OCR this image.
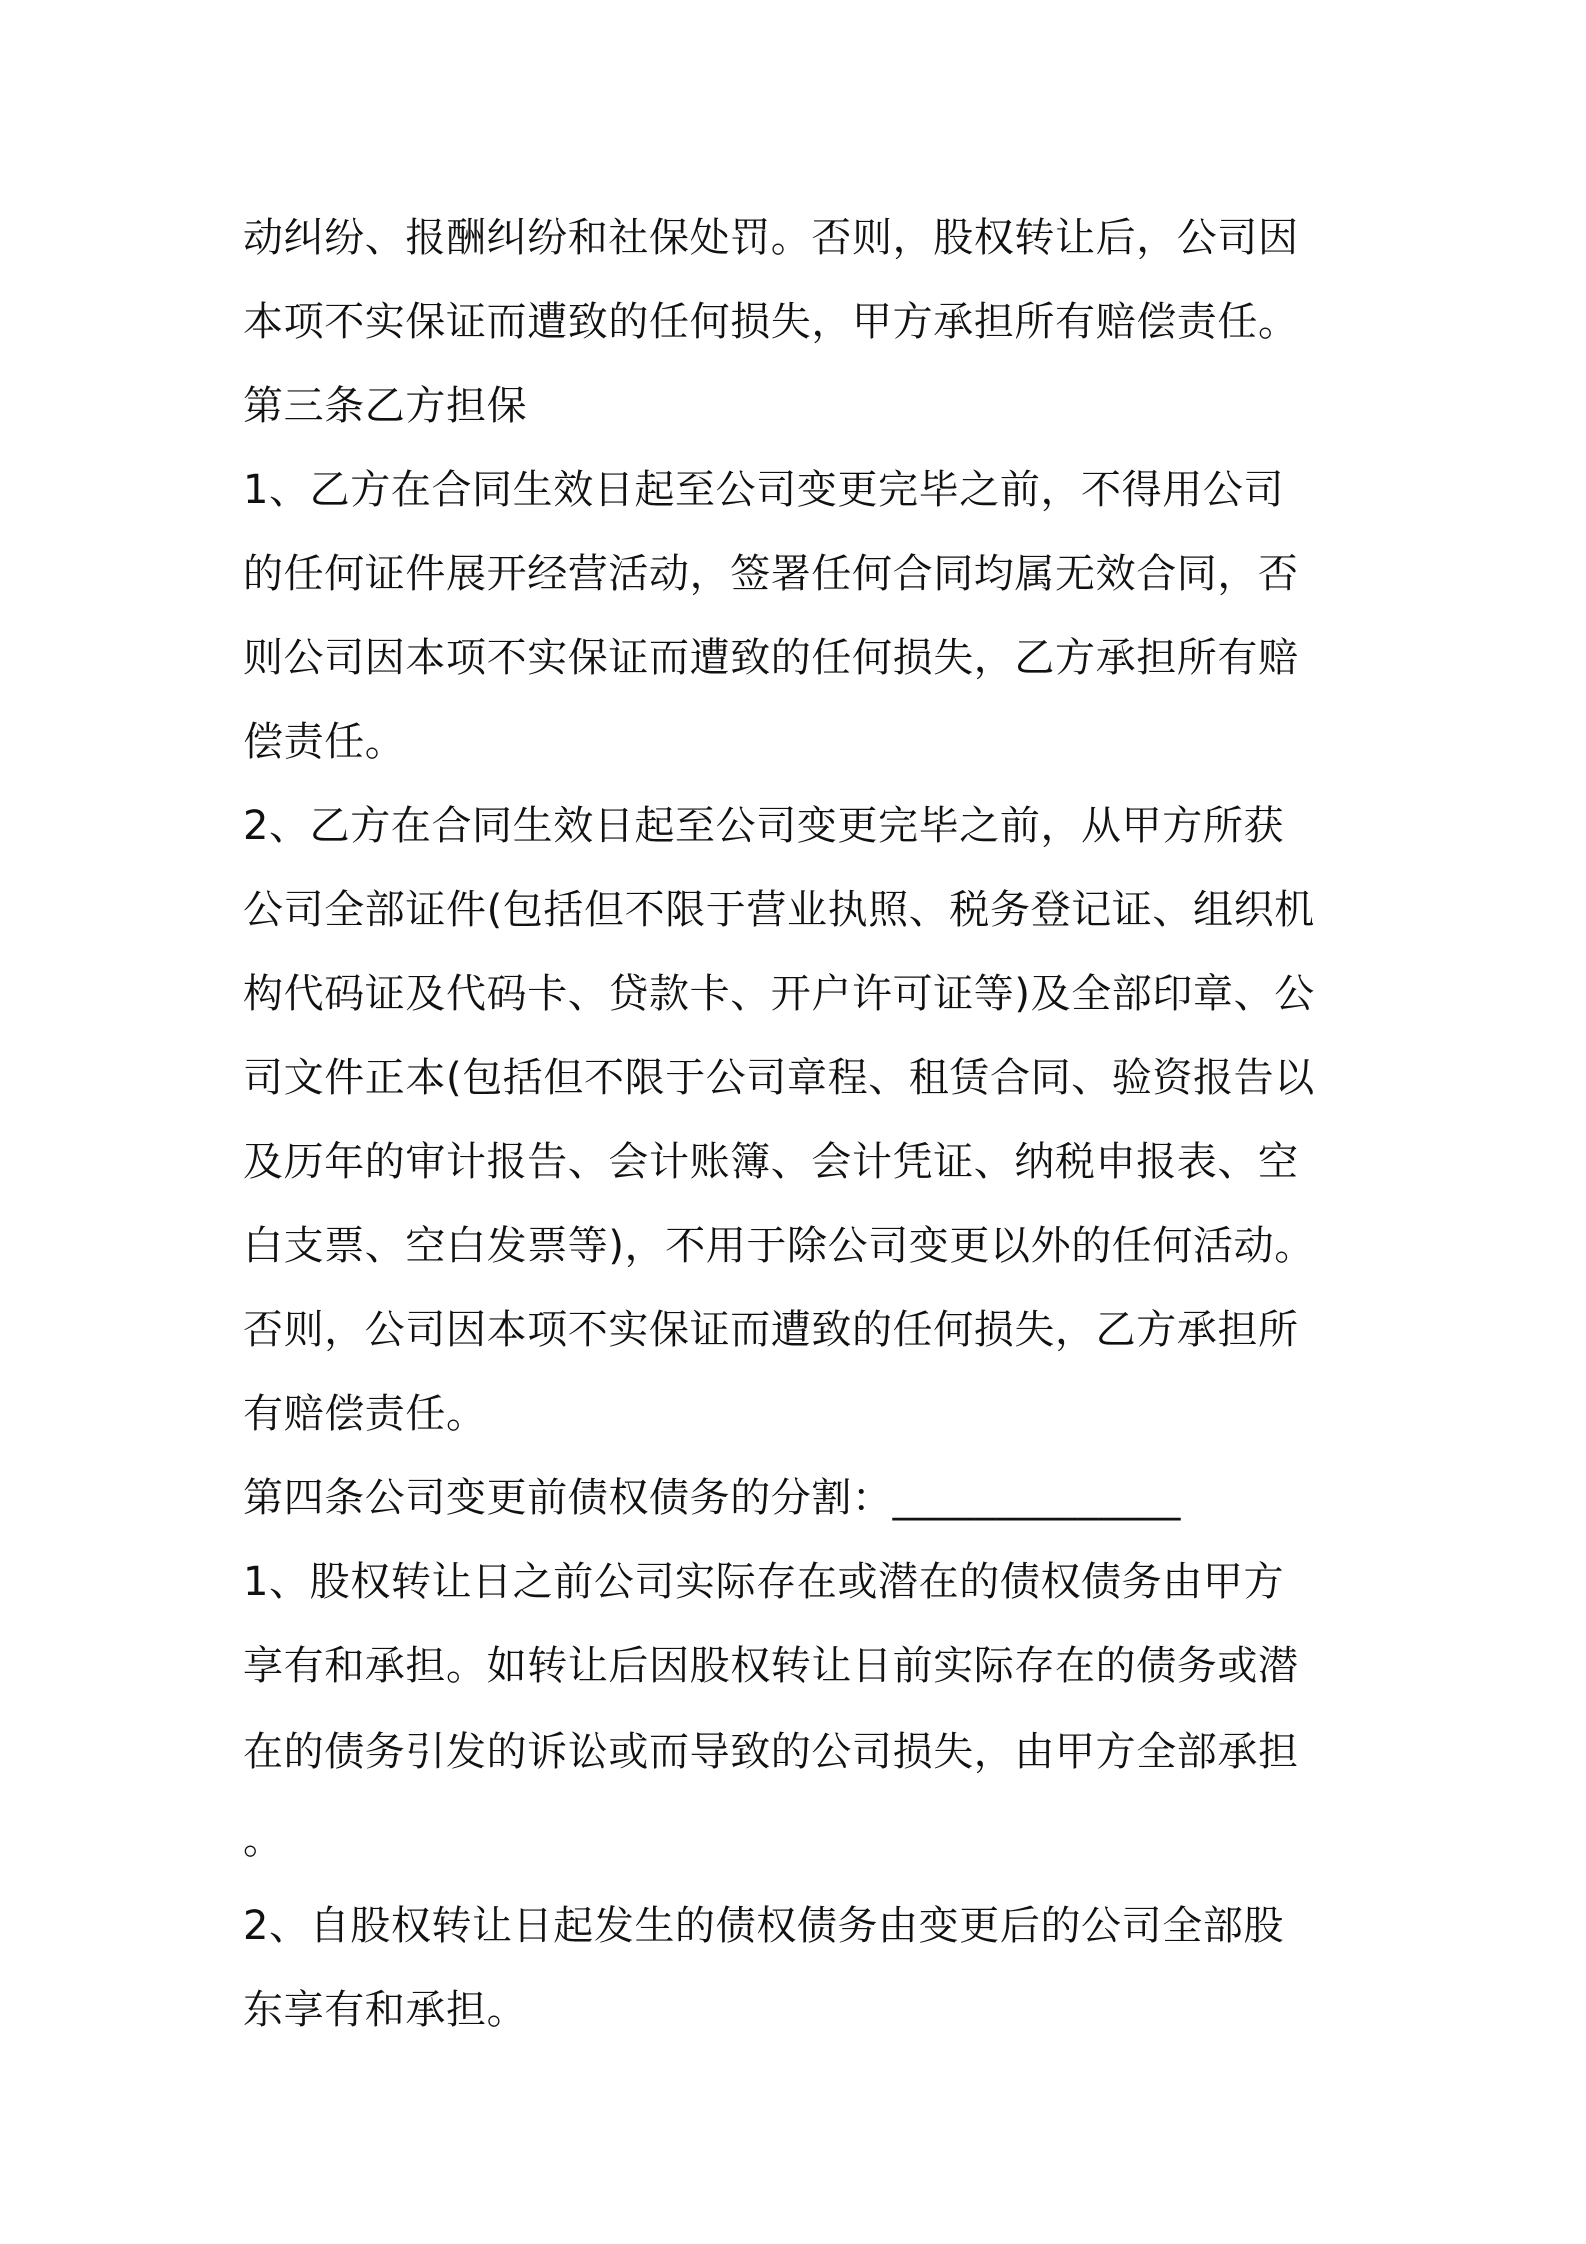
动纠纷、报酬纠纷和社保处罚。否则，股权转让后，公司因
本项不实保证而遭致的任何损失，甲方承担所有赔偿责任。
第三条乙方担保
1、乙方在合同生效日起至公司变更完毕之前，不得用公司
的任何证件展开经营活动，签署任何合同均属无效合同，否
则公司因本项不实保证而遭致的任何损失，乙方承担所有赔
偿责任。
2、乙方在合同生效日起至公司变更完毕之前，从甲方所获
公司全部证件(包括但不限于营业执照、税务登记证、组织机
构代码证及代码卡、贷款卡、开户许可证等)及全部印章、公
司文件正本(包括但不限于公司章程、租赁合同、验资报告以
及历年的审计报告、会计账簿、会计凭证、纳税申报表、空
白支票、空白发票等)，不用于除公司变更以外的任何活动。
否则，公司因本项不实保证而遭致的任何损失，乙方承担所
有赔偿责任。
第四条公司变更前债权债务的分割：______________
1、股权转让日之前公司实际存在或潜在的债权债务由甲方
享有和承担。如转让后因股权转让日前实际存在的债务或潜
在的债务引发的诉讼或而导致的公司损失，由甲方全部承担
。
2、自股权转让日起发生的债权债务由变更后的公司全部股
东享有和承担。
